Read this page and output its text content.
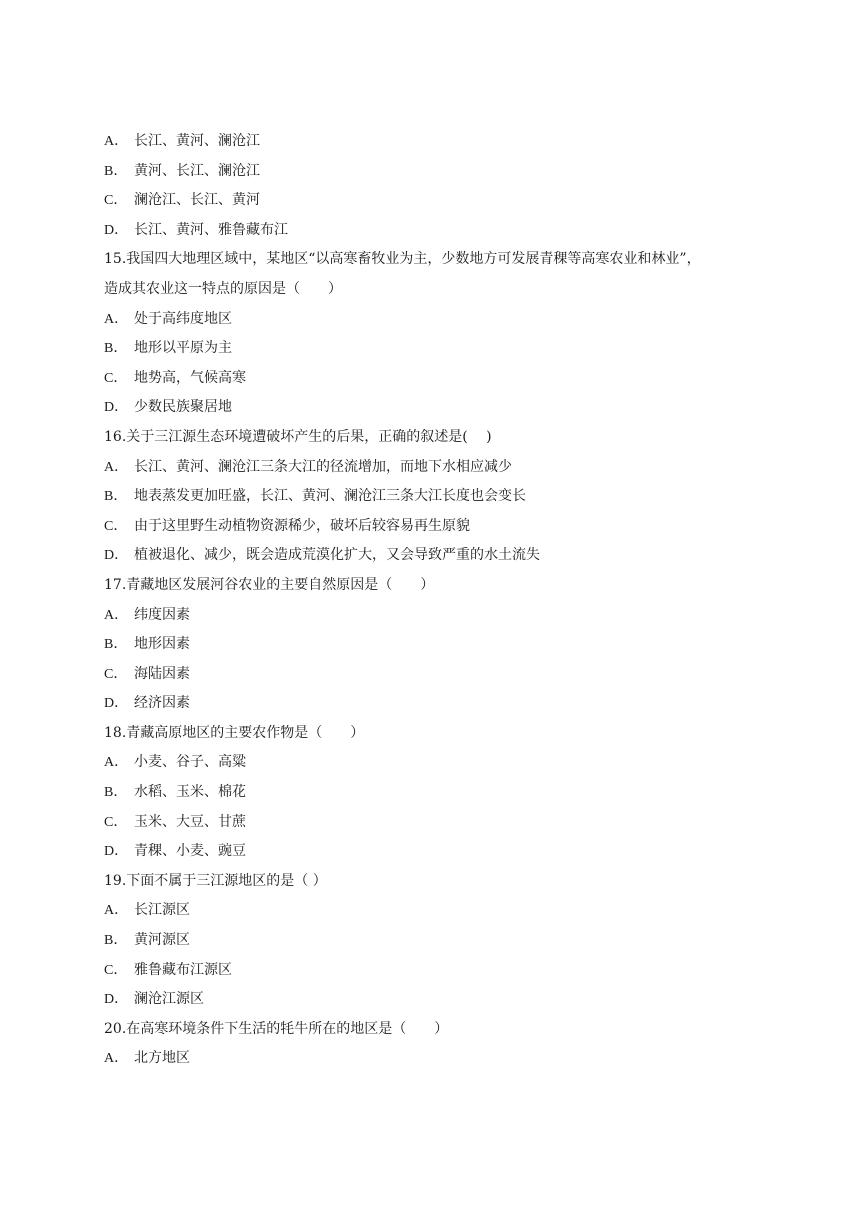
A． 长江、黄河、澜沧江
B． 黄河、长江、澜沧江
C． 澜沧江、长江、黄河
D． 长江、黄河、雅鲁藏布江
15.我国四大地理区域中，某地区“以高寒畜牧业为主，少数地方可发展青稞等高寒农业和林业”，
造成其农业这一特点的原因是（　　）
A． 处于高纬度地区
B． 地形以平原为主
C． 地势高，气候高寒
D． 少数民族聚居地
16.关于三江源生态环境遭破坏产生的后果，正确的叙述是(　 )
A． 长江、黄河、澜沧江三条大江的径流增加，而地下水相应减少
B． 地表蒸发更加旺盛，长江、黄河、澜沧江三条大江长度也会变长
C． 由于这里野生动植物资源稀少，破坏后较容易再生原貌
D． 植被退化、减少，既会造成荒漠化扩大，又会导致严重的水土流失
17.青藏地区发展河谷农业的主要自然原因是（　　）
A． 纬度因素
B． 地形因素
C． 海陆因素
D． 经济因素
18.青藏高原地区的主要农作物是（　　）
A． 小麦、谷子、高粱
B． 水稻、玉米、棉花
C． 玉米、大豆、甘蔗
D． 青稞、小麦、豌豆
19.下面不属于三江源地区的是（ ）
A． 长江源区
B． 黄河源区
C． 雅鲁藏布江源区
D． 澜沧江源区
20.在高寒环境条件下生活的牦牛所在的地区是（　　）
A． 北方地区
